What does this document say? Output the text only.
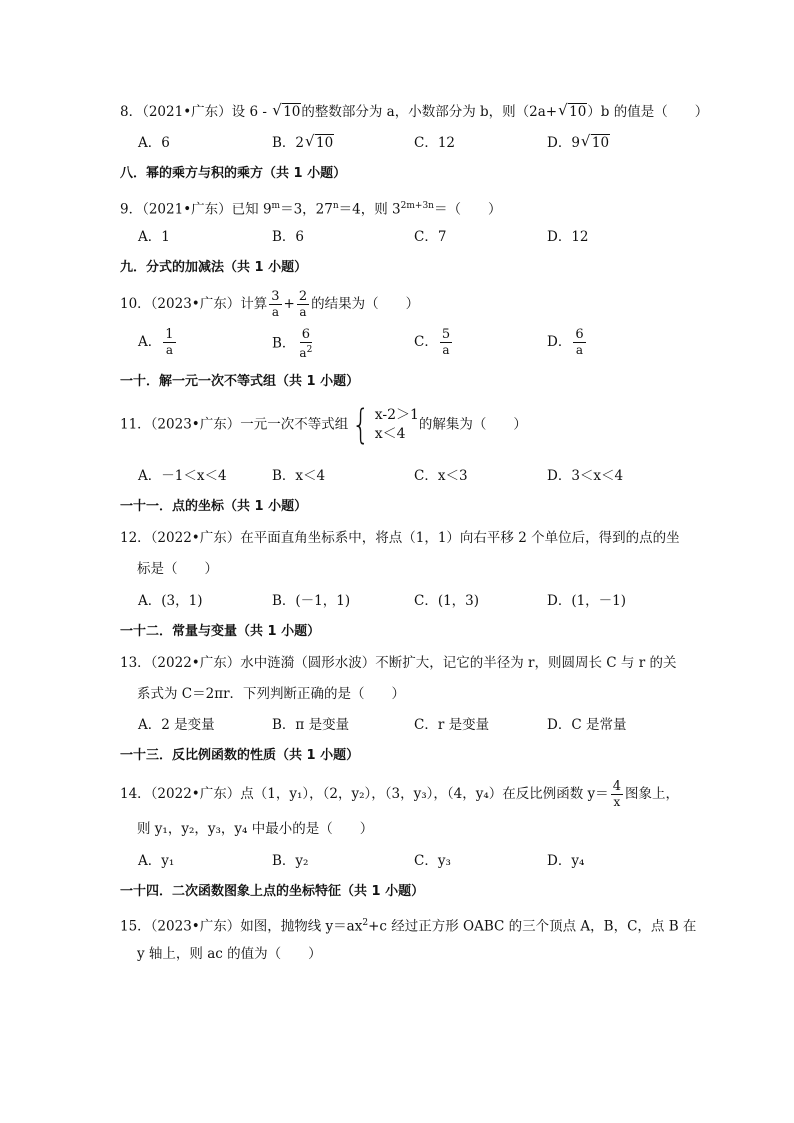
8．（2021•广东）设 6 - √ 10的整数部分为 a，小数部分为 b，则（2a+ √ 10）b 的值是（　　）
A．6	B．2 √ 10	C．12	D．9 √ 10
八．幂的乘方与积的乘方（共 1 小题）
9．（2021•广东）已知 $9^m=3$，$27^n=4$，则 $3^{2m+3n}=$（　　）
A．1	B．6	C．7	D．12
九．分式的加减法（共 1 小题）
10．（2023•广东）计算 $\frac{3}{a} + \frac{2}{a}$ 的结果为（　　）
A． $\frac{1}{a}$	B． $\frac{6}{a^2}$	C． $\frac{5}{a}$	D． $\frac{6}{a}$
一十．解一元一次不等式组（共 1 小题）
11．（2023•广东）一元一次不等式组 { x-2＞1
x＜4
的解集为（　　）
A．－1＜x＜4	B．x＜4	C．x＜3	D．3＜x＜4
一十一．点的坐标（共 1 小题）
12．（2022•广东）在平面直角坐标系中，将点（1，1）向右平移 2 个单位后，得到的点的坐
标是（　　）
A．(3，1)	B．(－1，1)	C．(1，3)	D．(1，－1)
一十二．常量与变量（共 1 小题）
13．（2022•广东）水中涟漪（圆形水波）不断扩大，记它的半径为 r，则圆周长 C 与 r 的关
系式为 C＝2πr．下列判断正确的是（　　）
A．2 是变量	B．π 是变量	C．r 是变量	D．C 是常量
一十三．反比例函数的性质（共 1 小题）
14．（2022•广东）点（1，y₁），（2，y₂），（3，y₃），（4，y₄）在反比例函数 $y= \frac{4}{x}$ 图象上，
则 y₁，y₂，y₃，y₄ 中最小的是（　　）
A．y₁	B．y₂	C．y₃	D．y₄
一十四．二次函数图象上点的坐标特征（共 1 小题）
15．（2023•广东）如图，抛物线 $y=ax^2+c$ 经过正方形 OABC 的三个顶点 A，B，C，点 B 在
y 轴上，则 ac 的值为（　　）
